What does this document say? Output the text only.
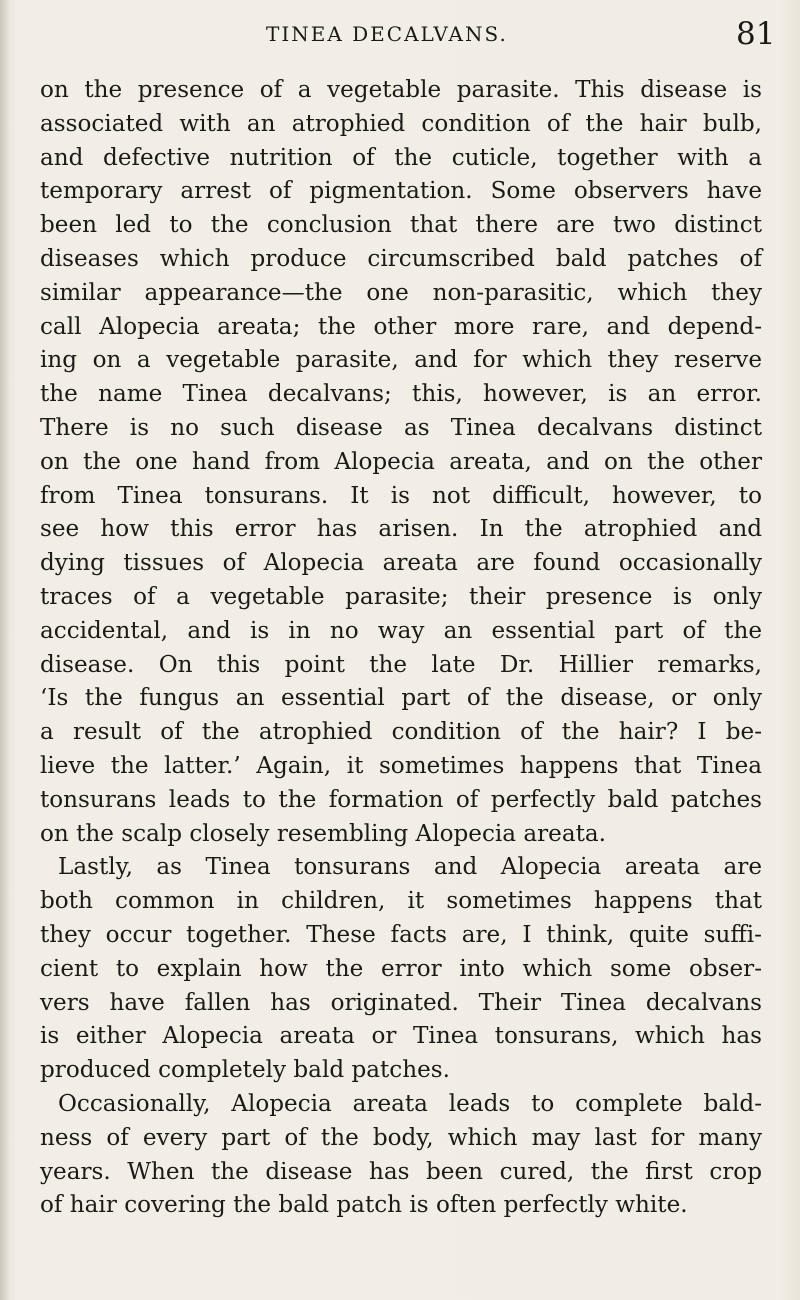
TINEA DECALVANS.	81
on the presence of a vegetable parasite. This disease is
associated with an atrophied condition of the hair bulb,
and defective nutrition of the cuticle, together with a
temporary arrest of pigmentation. Some observers have
been led to the conclusion that there are two distinct
diseases which produce circumscribed bald patches of
similar appearance—the one non-parasitic, which they
call Alopecia areata; the other more rare, and depend-
ing on a vegetable parasite, and for which they reserve
the name Tinea decalvans; this, however, is an error.
There is no such disease as Tinea decalvans distinct
on the one hand from Alopecia areata, and on the other
from Tinea tonsurans. It is not difficult, however, to
see how this error has arisen. In the atrophied and
dying tissues of Alopecia areata are found occasionally
traces of a vegetable parasite; their presence is only
accidental, and is in no way an essential part of the
disease. On this point the late Dr. Hillier remarks,
‘Is the fungus an essential part of the disease, or only
a result of the atrophied condition of the hair? I be-
lieve the latter.’ Again, it sometimes happens that Tinea
tonsurans leads to the formation of perfectly bald patches
on the scalp closely resembling Alopecia areata.
Lastly, as Tinea tonsurans and Alopecia areata are
both common in children, it sometimes happens that
they occur together. These facts are, I think, quite suffi-
cient to explain how the error into which some obser-
vers have fallen has originated. Their Tinea decalvans
is either Alopecia areata or Tinea tonsurans, which has
produced completely bald patches.
Occasionally, Alopecia areata leads to complete bald-
ness of every part of the body, which may last for many
years. When the disease has been cured, the first crop
of hair covering the bald patch is often perfectly white.
